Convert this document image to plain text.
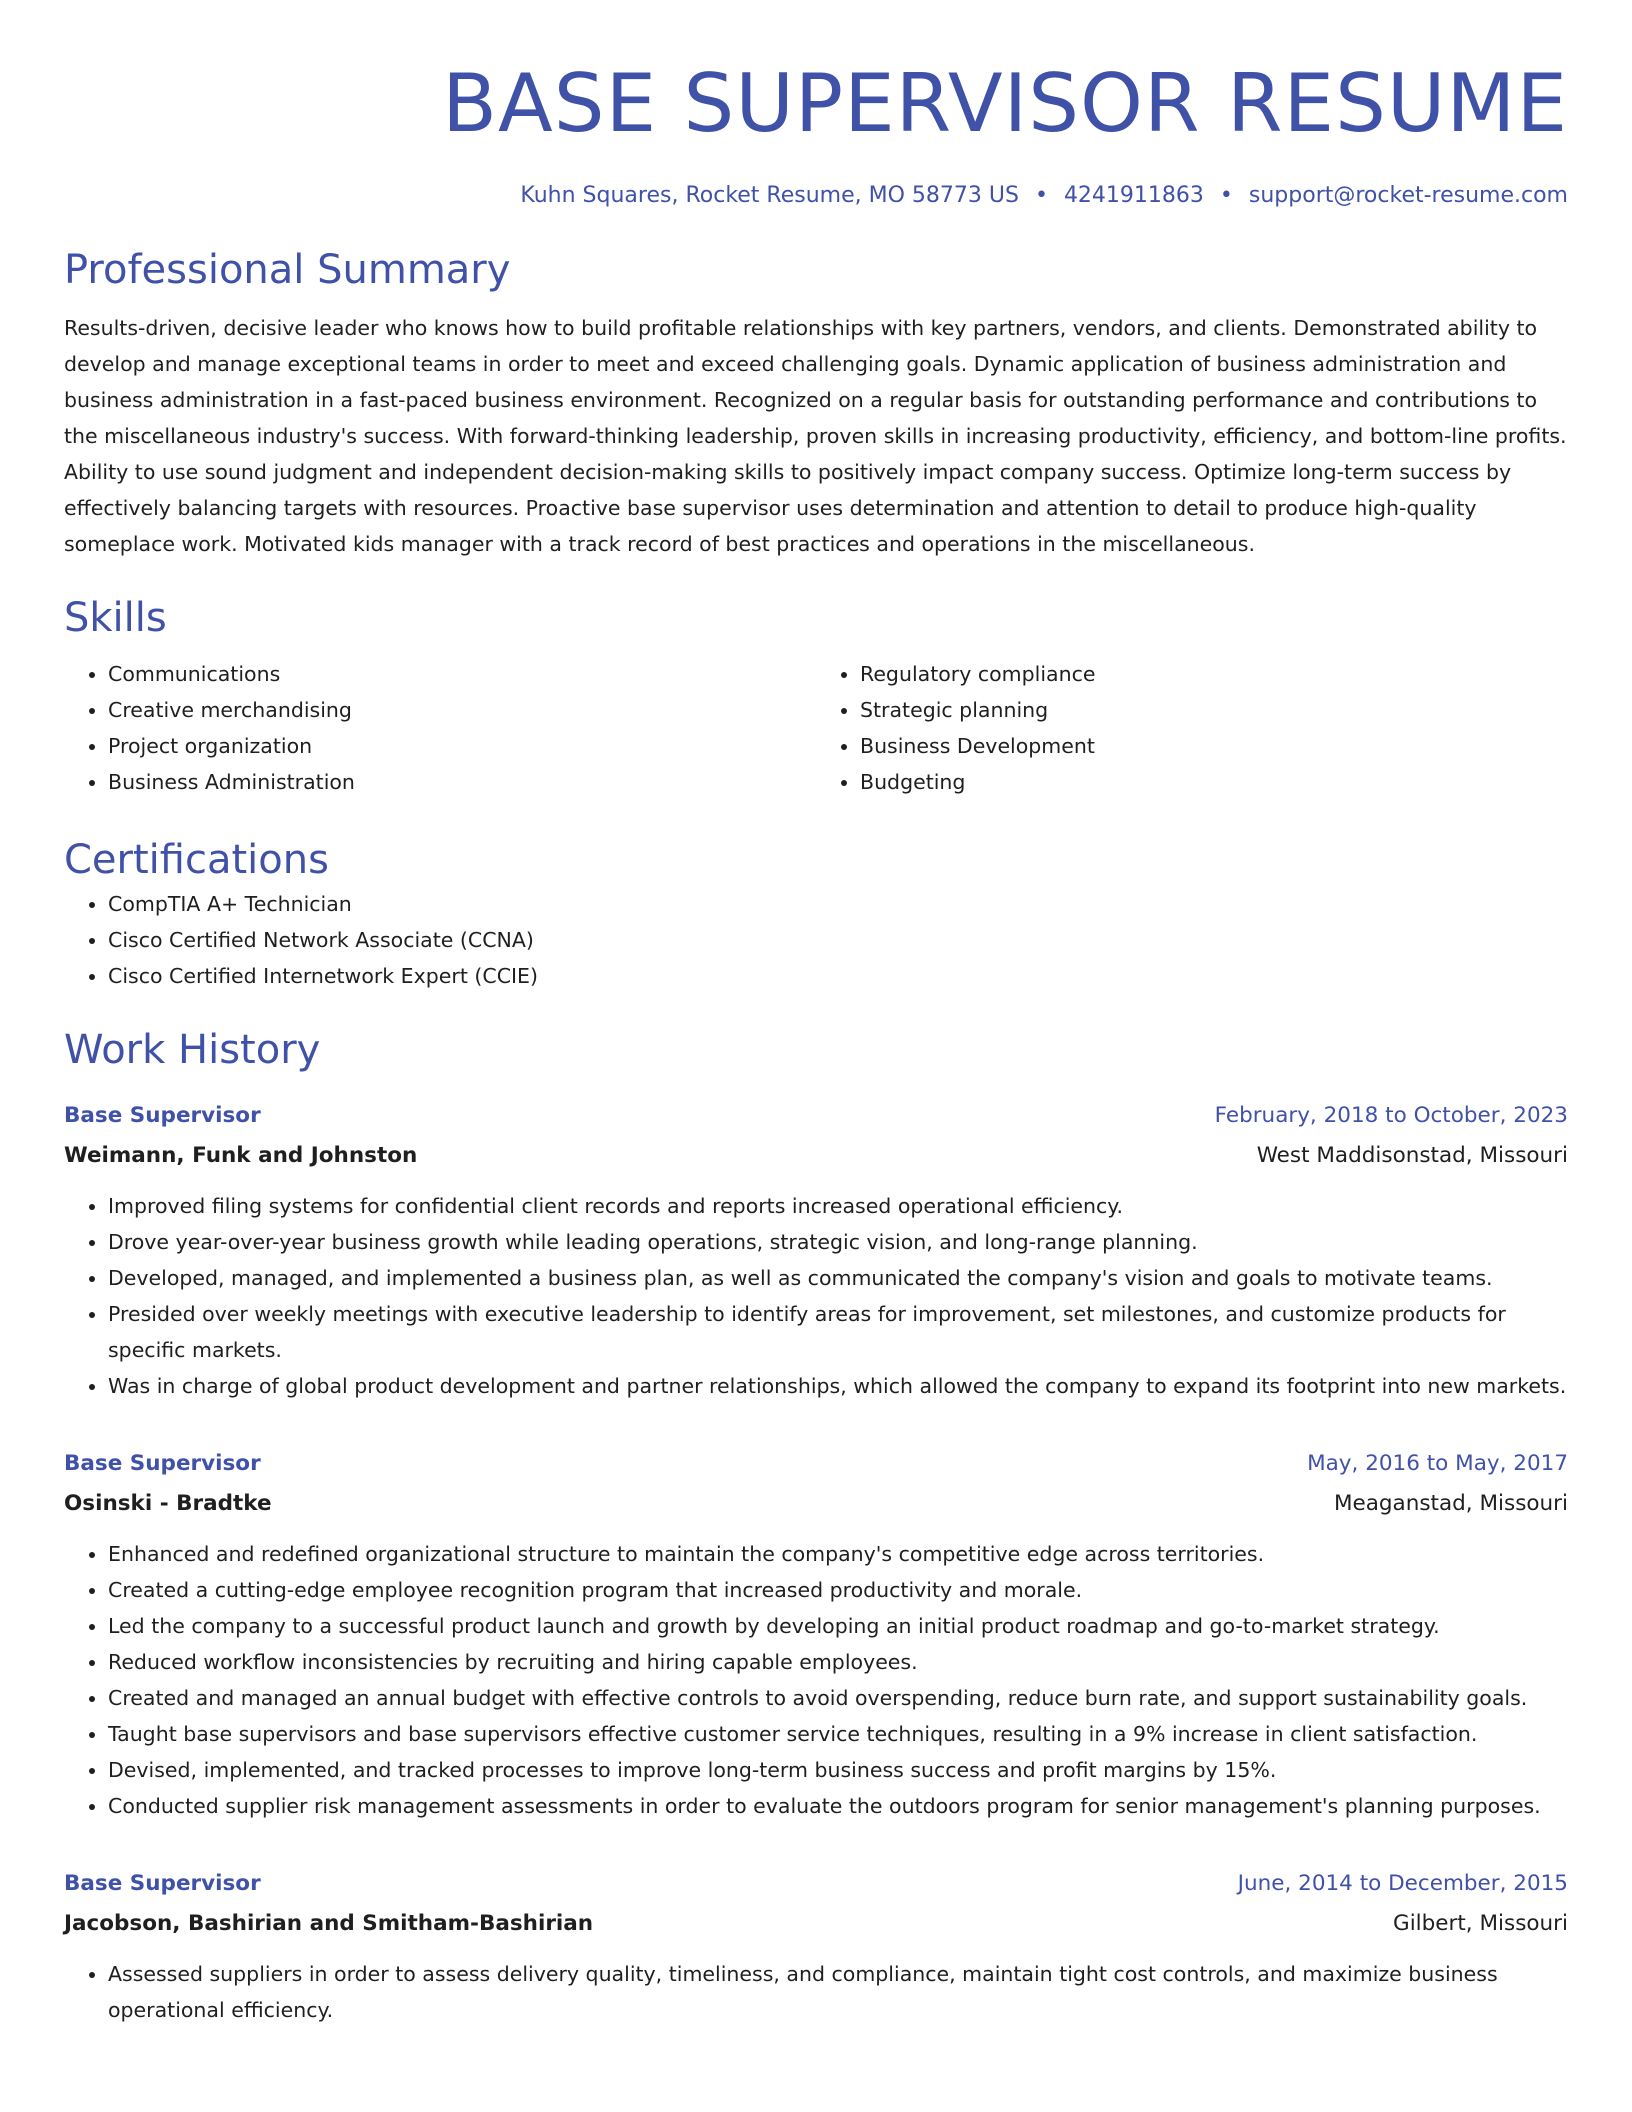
BASE SUPERVISOR RESUME
Kuhn Squares, Rocket Resume, MO 58773 US • 4241911863 • support@rocket-resume.com
Professional Summary
Results-driven, decisive leader who knows how to build profitable relationships with key partners, vendors, and clients. Demonstrated ability to develop and manage exceptional teams in order to meet and exceed challenging goals. Dynamic application of business administration and business administration in a fast-paced business environment. Recognized on a regular basis for outstanding performance and contributions to the miscellaneous industry's success. With forward-thinking leadership, proven skills in increasing productivity, efficiency, and bottom-line profits. Ability to use sound judgment and independent decision-making skills to positively impact company success. Optimize long-term success by effectively balancing targets with resources. Proactive base supervisor uses determination and attention to detail to produce high-quality someplace work. Motivated kids manager with a track record of best practices and operations in the miscellaneous.
Skills
• Communications
• Creative merchandising
• Project organization
• Business Administration
• Regulatory compliance
• Strategic planning
• Business Development
• Budgeting
Certifications
• CompTIA A+ Technician
• Cisco Certified Network Associate (CCNA)
• Cisco Certified Internetwork Expert (CCIE)
Work History
Base Supervisor	February, 2018 to October, 2023
Weimann, Funk and Johnston	West Maddisonstad, Missouri
• Improved filing systems for confidential client records and reports increased operational efficiency.
• Drove year-over-year business growth while leading operations, strategic vision, and long-range planning.
• Developed, managed, and implemented a business plan, as well as communicated the company's vision and goals to motivate teams.
• Presided over weekly meetings with executive leadership to identify areas for improvement, set milestones, and customize products for specific markets.
• Was in charge of global product development and partner relationships, which allowed the company to expand its footprint into new markets.
Base Supervisor	May, 2016 to May, 2017
Osinski - Bradtke	Meaganstad, Missouri
• Enhanced and redefined organizational structure to maintain the company's competitive edge across territories.
• Created a cutting-edge employee recognition program that increased productivity and morale.
• Led the company to a successful product launch and growth by developing an initial product roadmap and go-to-market strategy.
• Reduced workflow inconsistencies by recruiting and hiring capable employees.
• Created and managed an annual budget with effective controls to avoid overspending, reduce burn rate, and support sustainability goals.
• Taught base supervisors and base supervisors effective customer service techniques, resulting in a 9% increase in client satisfaction.
• Devised, implemented, and tracked processes to improve long-term business success and profit margins by 15%.
• Conducted supplier risk management assessments in order to evaluate the outdoors program for senior management's planning purposes.
Base Supervisor	June, 2014 to December, 2015
Jacobson, Bashirian and Smitham-Bashirian	Gilbert, Missouri
• Assessed suppliers in order to assess delivery quality, timeliness, and compliance, maintain tight cost controls, and maximize business operational efficiency.
